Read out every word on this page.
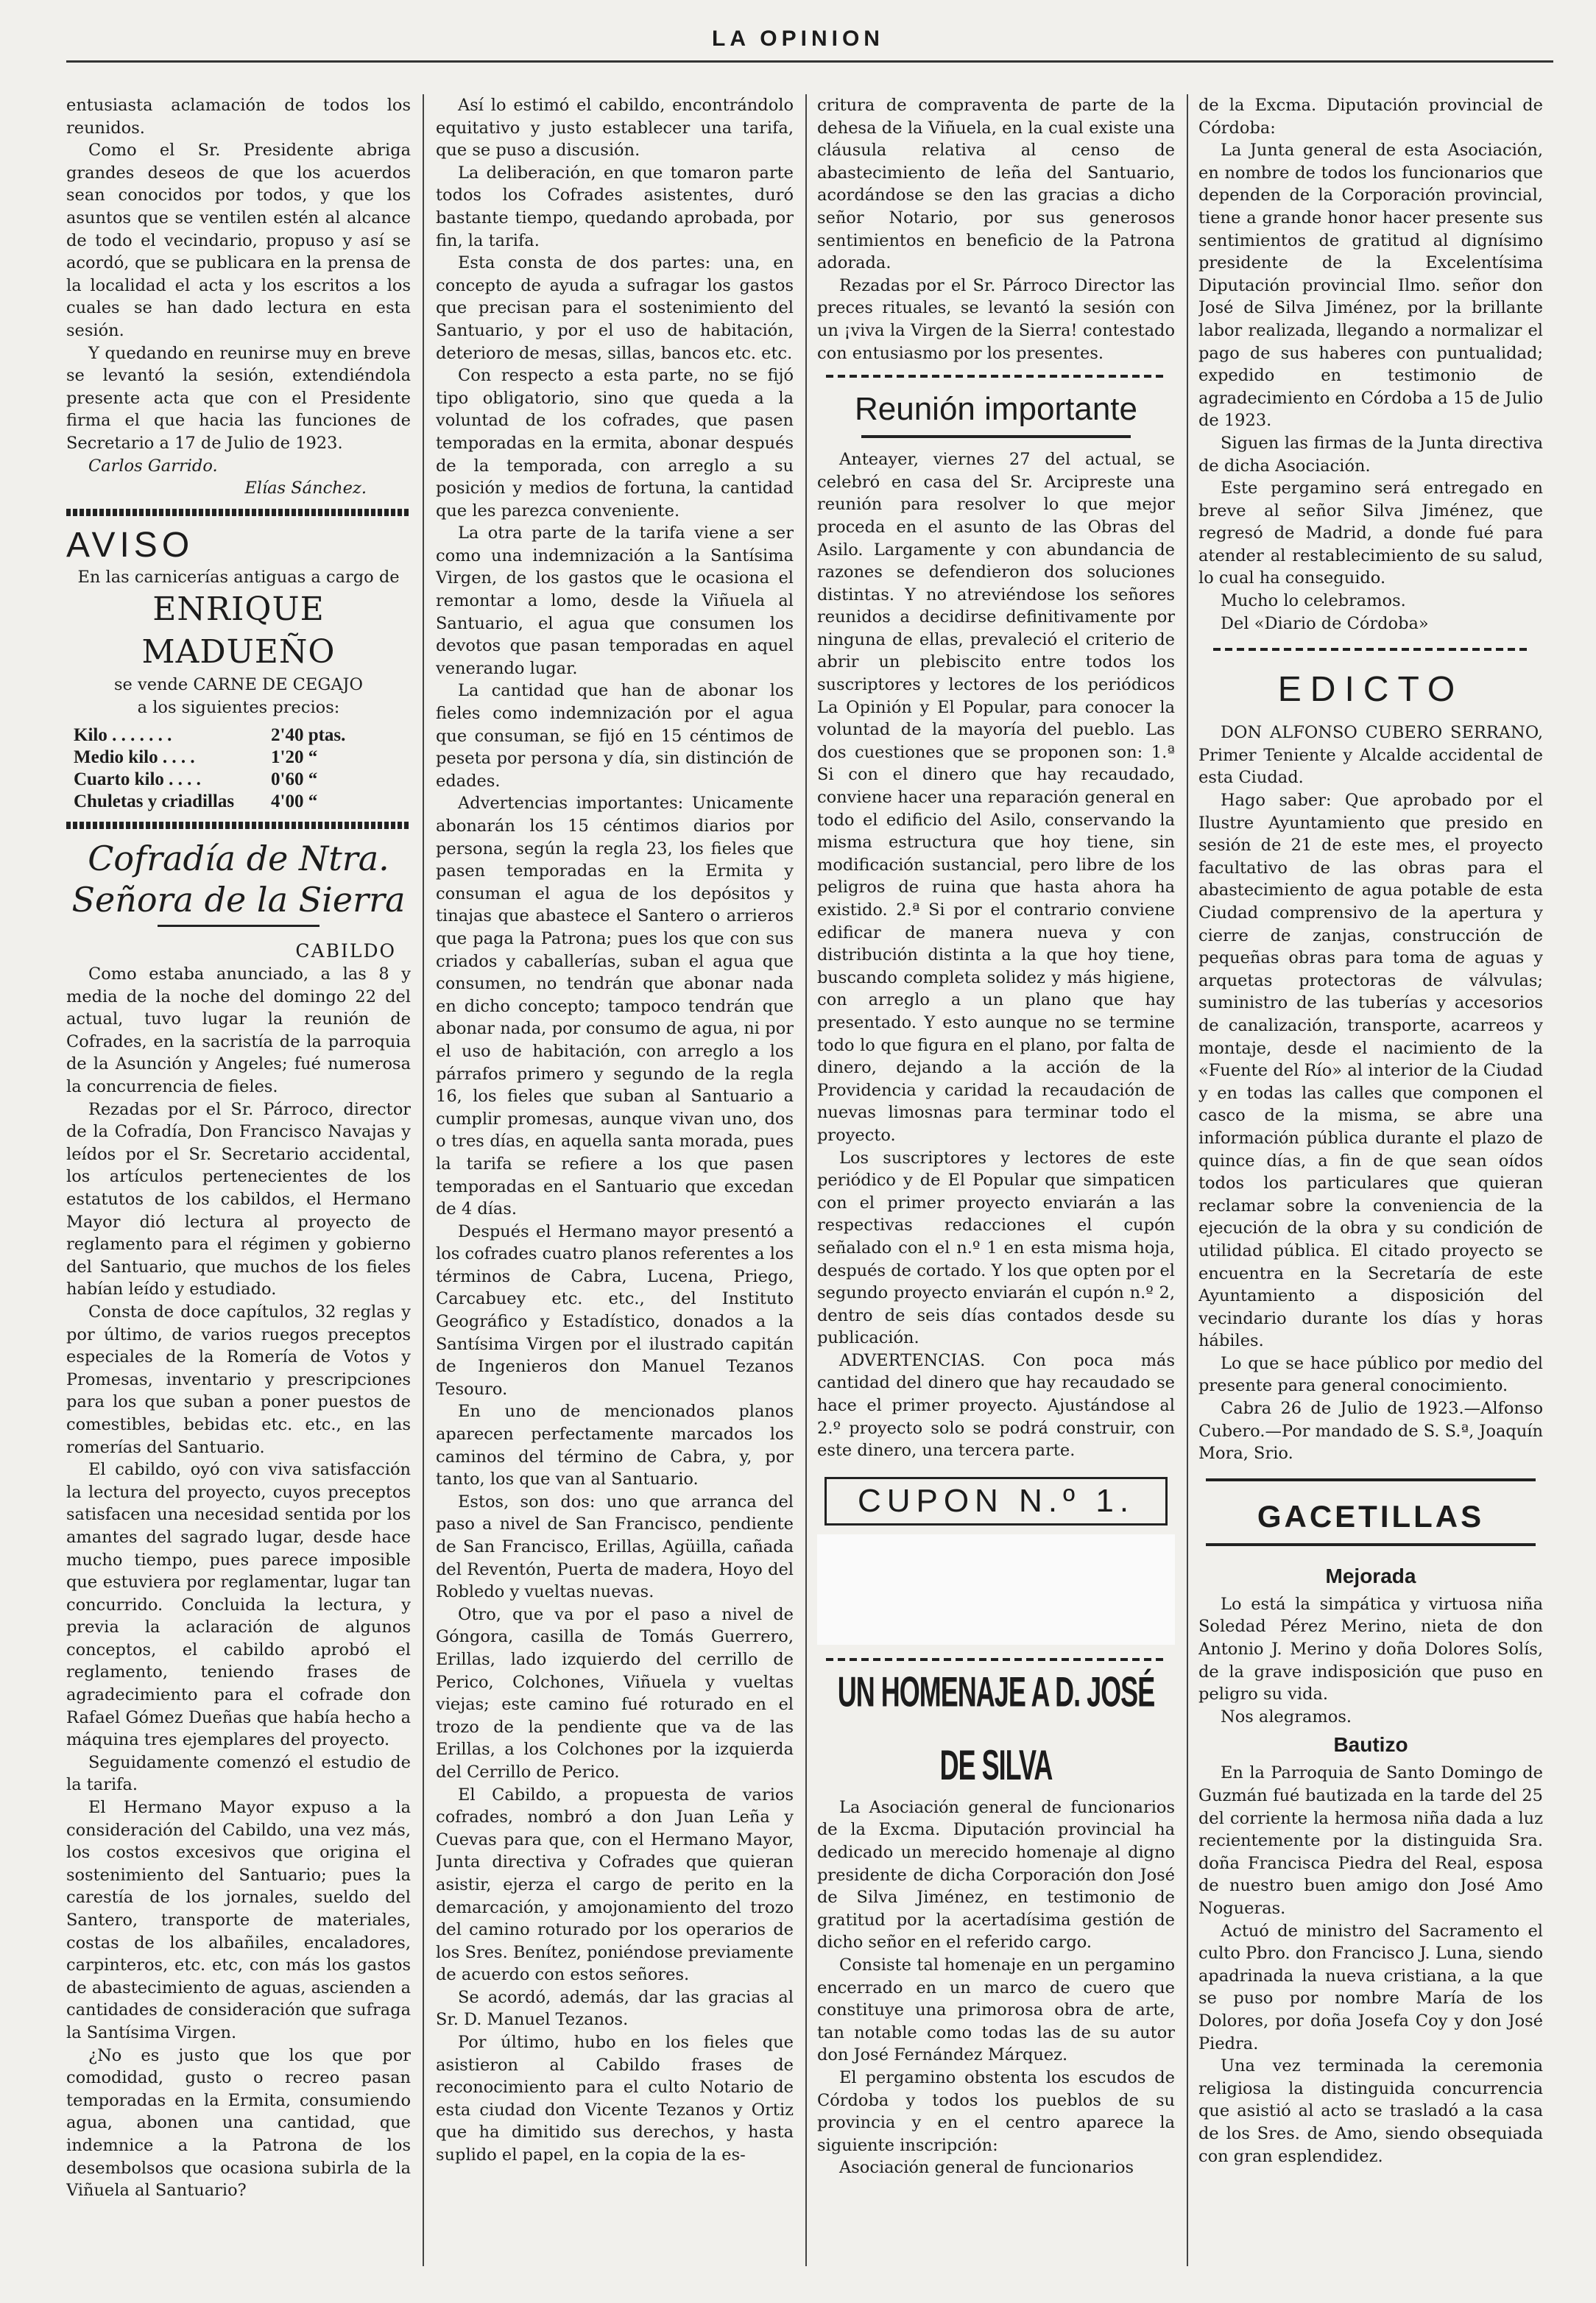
LA OPINION

entusiasta aclamación de todos los reunidos.

Como el Sr. Presidente abriga grandes deseos de que los acuerdos sean conocidos por todos, y que los asuntos que se ventilen estén al alcance de todo el vecindario, propuso y así se acordó, que se publicara en la prensa de la localidad el acta y los escritos a los cuales se han dado lectura en esta sesión.

Y quedando en reunirse muy en breve se levantó la sesión, extendiéndola presente acta que con el Presidente firma el que hacia las funciones de Secretario a 17 de Julio de 1923.

Carlos Garrido.
Elías Sánchez.
AVISO
En las carnicerías antiguas a cargo de
ENRIQUE MADUEÑO
se vende CARNE DE CEGAJO
a los siguientes precios:
Kilo . . . . . . .	2'40 ptas.
Medio kilo . . . .	1'20 “
Cuarto kilo . . . .	0'60 “
Chuletas y criadillas 4'00 “
Cofradía de Ntra. Señora de la Sierra
CABILDO

Como estaba anunciado, a las 8 y media de la noche del domingo 22 del actual, tuvo lugar la reunión de Cofrades, en la sacristía de la parroquia de la Asunción y Angeles; fué numerosa la concurrencia de fieles.

Rezadas por el Sr. Párroco, director de la Cofradía, Don Francisco Navajas y leídos por el Sr. Secretario accidental, los artículos pertenecientes de los estatutos de los cabildos, el Hermano Mayor dió lectura al proyecto de reglamento para el régimen y gobierno del Santuario, que muchos de los fieles habían leído y estudiado.

Consta de doce capítulos, 32 reglas y por último, de varios ruegos preceptos especiales de la Romería de Votos y Promesas, inventario y prescripciones para los que suban a poner puestos de comestibles, bebidas etc. etc., en las romerías del Santuario.

El cabildo, oyó con viva satisfacción la lectura del proyecto, cuyos preceptos satisfacen una necesidad sentida por los amantes del sagrado lugar, desde hace mucho tiempo, pues parece imposible que estuviera por reglamentar, lugar tan concurrido. Concluida la lectura, y previa la aclaración de algunos conceptos, el cabildo aprobó el reglamento, teniendo frases de agradecimiento para el cofrade don Rafael Gómez Dueñas que había hecho a máquina tres ejemplares del proyecto.

Seguidamente comenzó el estudio de la tarifa.

El Hermano Mayor expuso a la consideración del Cabildo, una vez más, los costos excesivos que origina el sostenimiento del Santuario; pues la carestía de los jornales, sueldo del Santero, transporte de materiales, costas de los albañiles, encaladores, carpinteros, etc. etc, con más los gastos de abastecimiento de aguas, ascienden a cantidades de consideración que sufraga la Santísima Virgen.

¿No es justo que los que por comodidad, gusto o recreo pasan temporadas en la Ermita, consumiendo agua, abonen una cantidad, que indemnice a la Patrona de los desembolsos que ocasiona subirla de la Viñuela al Santuario?

Así lo estimó el cabildo, encontrándolo equitativo y justo establecer una tarifa, que se puso a discusión.

La deliberación, en que tomaron parte todos los Cofrades asistentes, duró bastante tiempo, quedando aprobada, por fin, la tarifa.

Esta consta de dos partes: una, en concepto de ayuda a sufragar los gastos que precisan para el sostenimiento del Santuario, y por el uso de habitación, deterioro de mesas, sillas, bancos etc. etc.

Con respecto a esta parte, no se fijó tipo obligatorio, sino que queda a la voluntad de los cofrades, que pasen temporadas en la ermita, abonar después de la temporada, con arreglo a su posición y medios de fortuna, la cantidad que les parezca conveniente.

La otra parte de la tarifa viene a ser como una indemnización a la Santísima Virgen, de los gastos que le ocasiona el remontar a lomo, desde la Viñuela al Santuario, el agua que consumen los devotos que pasan temporadas en aquel venerando lugar.

La cantidad que han de abonar los fieles como indemnización por el agua que consuman, se fijó en 15 céntimos de peseta por persona y día, sin distinción de edades.

Advertencias importantes: Unicamente abonarán los 15 céntimos diarios por persona, según la regla 23, los fieles que pasen temporadas en la Ermita y consuman el agua de los depósitos y tinajas que abastece el Santero o arrieros que paga la Patrona; pues los que con sus criados y caballerías, suban el agua que consumen, no tendrán que abonar nada en dicho concepto; tampoco tendrán que abonar nada, por consumo de agua, ni por el uso de habitación, con arreglo a los párrafos primero y segundo de la regla 16, los fieles que suban al Santuario a cumplir promesas, aunque vivan uno, dos o tres días, en aquella santa morada, pues la tarifa se refiere a los que pasen temporadas en el Santuario que excedan de 4 días.

Después el Hermano mayor presentó a los cofrades cuatro planos referentes a los términos de Cabra, Lucena, Priego, Carcabuey etc. etc., del Instituto Geográfico y Estadístico, donados a la Santísima Virgen por el ilustrado capitán de Ingenieros don Manuel Tezanos Tesouro.

En uno de mencionados planos aparecen perfectamente marcados los caminos del término de Cabra, y, por tanto, los que van al Santuario.

Estos, son dos: uno que arranca del paso a nivel de San Francisco, pendiente de San Francisco, Erillas, Agüilla, cañada del Reventón, Puerta de madera, Hoyo del Robledo y vueltas nuevas.

Otro, que va por el paso a nivel de Góngora, casilla de Tomás Guerrero, Erillas, lado izquierdo del cerrillo de Perico, Colchones, Viñuela y vueltas viejas; este camino fué roturado en el trozo de la pendiente que va de las Erillas, a los Colchones por la izquierda del Cerrillo de Perico.

El Cabildo, a propuesta de varios cofrades, nombró a don Juan Leña y Cuevas para que, con el Hermano Mayor, Junta directiva y Cofrades que quieran asistir, ejerza el cargo de perito en la demarcación, y amojonamiento del trozo del camino roturado por los operarios de los Sres. Benítez, poniéndose previamente de acuerdo con estos señores.

Se acordó, además, dar las gracias al Sr. D. Manuel Tezanos.

Por último, hubo en los fieles que asistieron al Cabildo frases de reconocimiento para el culto Notario de esta ciudad don Vicente Tezanos y Ortiz que ha dimitido sus derechos, y hasta suplido el papel, en la copia de la es-

critura de compraventa de parte de la dehesa de la Viñuela, en la cual existe una cláusula relativa al censo de abastecimiento de leña del Santuario, acordándose se den las gracias a dicho señor Notario, por sus generosos sentimientos en beneficio de la Patrona adorada.

Rezadas por el Sr. Párroco Director las preces rituales, se levantó la sesión con un ¡viva la Virgen de la Sierra! contestado con entusiasmo por los presentes.

Reunión importante

Anteayer, viernes 27 del actual, se celebró en casa del Sr. Arcipreste una reunión para resolver lo que mejor proceda en el asunto de las Obras del Asilo. Largamente y con abundancia de razones se defendieron dos soluciones distintas. Y no atreviéndose los señores reunidos a decidirse definitivamente por ninguna de ellas, prevaleció el criterio de abrir un plebiscito entre todos los suscriptores y lectores de los periódicos La Opinión y El Popular, para conocer la voluntad de la mayoría del pueblo. Las dos cuestiones que se proponen son: 1.ª Si con el dinero que hay recaudado, conviene hacer una reparación general en todo el edificio del Asilo, conservando la misma estructura que hoy tiene, sin modificación sustancial, pero libre de los peligros de ruina que hasta ahora ha existido. 2.ª Si por el contrario conviene edificar de manera nueva y con distribución distinta a la que hoy tiene, buscando completa solidez y más higiene, con arreglo a un plano que hay presentado. Y esto aunque no se termine todo lo que figura en el plano, por falta de dinero, dejando a la acción de la Providencia y caridad la recaudación de nuevas limosnas para terminar todo el proyecto.

Los suscriptores y lectores de este periódico y de El Popular que simpaticen con el primer proyecto enviarán a las respectivas redacciones el cupón señalado con el n.º 1 en esta misma hoja, después de cortado. Y los que opten por el segundo proyecto enviarán el cupón n.º 2, dentro de seis días contados desde su publicación.

ADVERTENCIAS. Con poca más cantidad del dinero que hay recaudado se hace el primer proyecto. Ajustándose al 2.º proyecto solo se podrá construir, con este dinero, una tercera parte.

CUPON N.º 1.
UN HOMENAJE A D. JOSÉ DE SILVA

La Asociación general de funcionarios de la Excma. Diputación provincial ha dedicado un merecido homenaje al digno presidente de dicha Corporación don José de Silva Jiménez, en testimonio de gratitud por la acertadísima gestión de dicho señor en el referido cargo.

Consiste tal homenaje en un pergamino encerrado en un marco de cuero que constituye una primorosa obra de arte, tan notable como todas las de su autor don José Fernández Márquez.

El pergamino obstenta los escudos de Córdoba y todos los pueblos de su provincia y en el centro aparece la siguiente inscripción:

Asociación general de funcionarios

de la Excma. Diputación provincial de Córdoba:

La Junta general de esta Asociación, en nombre de todos los funcionarios que dependen de la Corporación provincial, tiene a grande honor hacer presente sus sentimientos de gratitud al dignísimo presidente de la Excelentísima Diputación provincial Ilmo. señor don José de Silva Jiménez, por la brillante labor realizada, llegando a normalizar el pago de sus haberes con puntualidad; expedido en testimonio de agradecimiento en Córdoba a 15 de Julio de 1923.

Siguen las firmas de la Junta directiva de dicha Asociación.

Este pergamino será entregado en breve al señor Silva Jiménez, que regresó de Madrid, a donde fué para atender al restablecimiento de su salud, lo cual ha conseguido.

Mucho lo celebramos.

Del «Diario de Córdoba»

EDICTO

DON ALFONSO CUBERO SERRANO, Primer Teniente y Alcalde accidental de esta Ciudad.

Hago saber: Que aprobado por el Ilustre Ayuntamiento que presido en sesión de 21 de este mes, el proyecto facultativo de las obras para el abastecimiento de agua potable de esta Ciudad comprensivo de la apertura y cierre de zanjas, construcción de pequeñas obras para toma de aguas y arquetas protectoras de válvulas; suministro de las tuberías y accesorios de canalización, transporte, acarreos y montaje, desde el nacimiento de la «Fuente del Río» al interior de la Ciudad y en todas las calles que componen el casco de la misma, se abre una información pública durante el plazo de quince días, a fin de que sean oídos todos los particulares que quieran reclamar sobre la conveniencia de la ejecución de la obra y su condición de utilidad pública. El citado proyecto se encuentra en la Secretaría de este Ayuntamiento a disposición del vecindario durante los días y horas hábiles.

Lo que se hace público por medio del presente para general conocimiento.

Cabra 26 de Julio de 1923.—Alfonso Cubero.—Por mandado de S. S.ª, Joaquín Mora, Srio.

GACETILLAS
Mejorada

Lo está la simpática y virtuosa niña Soledad Pérez Merino, nieta de don Antonio J. Merino y doña Dolores Solís, de la grave indisposición que puso en peligro su vida.

Nos alegramos.

Bautizo

En la Parroquia de Santo Domingo de Guzmán fué bautizada en la tarde del 25 del corriente la hermosa niña dada a luz recientemente por la distinguida Sra. doña Francisca Piedra del Real, esposa de nuestro buen amigo don José Amo Nogueras.

Actuó de ministro del Sacramento el culto Pbro. don Francisco J. Luna, siendo apadrinada la nueva cristiana, a la que se puso por nombre María de los Dolores, por doña Josefa Coy y don José Piedra.

Una vez terminada la ceremonia religiosa la distinguida concurrencia que asistió al acto se trasladó a la casa de los Sres. de Amo, siendo obsequiada con gran esplendidez.
